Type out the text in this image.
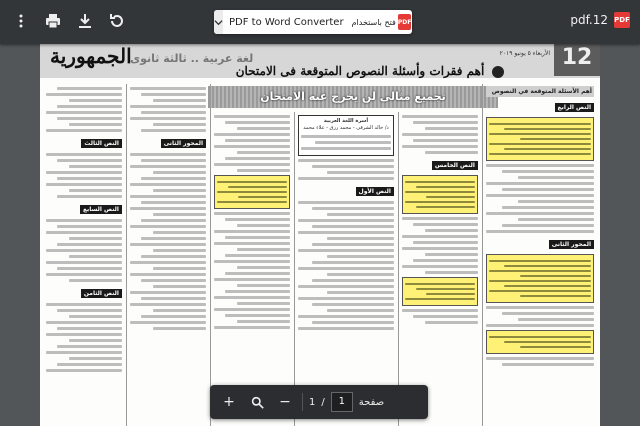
الجمهورية
لغة عربية .. ثالثة ثانوى	12
الأربعاء ٥ يونيو ٢٠١٩
أهم فقرات وأسئلة النصوص المتوقعة فى الامتحان
تجميع مثالى لن يخرج عنه الامتحان
النص الثالث
النص السابع
النص الثامن
المحور الثانى
أسرة اللغة العربية
د/ خالد الشرقى - محمد رزق - علاء محمد
النص الأول
النص الخامس
أهم الأسئلة المتوقعة في النصوص
النص الرابع
المحور الثانى
PDF to Word Converter	فتح باستخدام PDF	pdf.12 PDF
+	−	1 /	1	صفحة
